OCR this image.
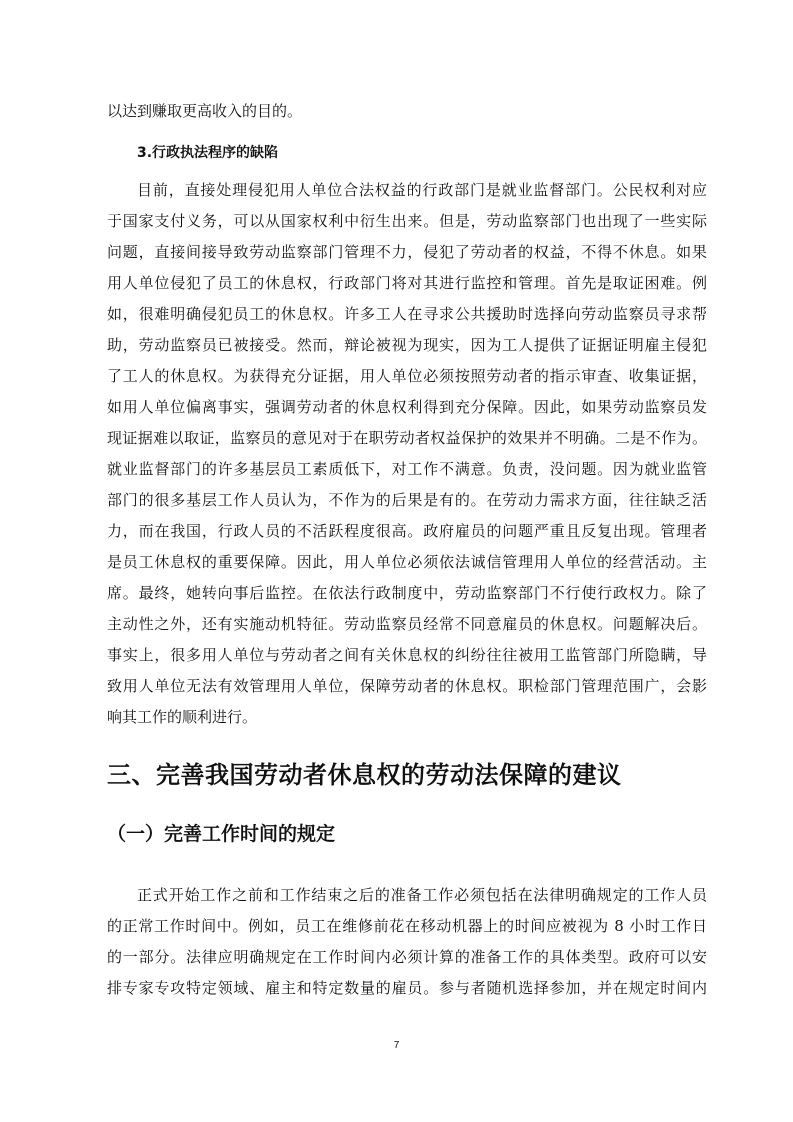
以达到赚取更高收入的目的。
3.行政执法程序的缺陷
目前，直接处理侵犯用人单位合法权益的行政部门是就业监督部门。公民权利对应
于国家支付义务，可以从国家权利中衍生出来。但是，劳动监察部门也出现了一些实际
问题，直接间接导致劳动监察部门管理不力，侵犯了劳动者的权益，不得不休息。如果
用人单位侵犯了员工的休息权，行政部门将对其进行监控和管理。首先是取证困难。例
如，很难明确侵犯员工的休息权。许多工人在寻求公共援助时选择向劳动监察员寻求帮
助，劳动监察员已被接受。然而，辩论被视为现实，因为工人提供了证据证明雇主侵犯
了工人的休息权。为获得充分证据，用人单位必须按照劳动者的指示审查、收集证据，
如用人单位偏离事实，强调劳动者的休息权利得到充分保障。因此，如果劳动监察员发
现证据难以取证，监察员的意见对于在职劳动者权益保护的效果并不明确。二是不作为。
就业监督部门的许多基层员工素质低下，对工作不满意。负责，没问题。因为就业监管
部门的很多基层工作人员认为，不作为的后果是有的。在劳动力需求方面，往往缺乏活
力，而在我国，行政人员的不活跃程度很高。政府雇员的问题严重且反复出现。管理者
是员工休息权的重要保障。因此，用人单位必须依法诚信管理用人单位的经营活动。主
席。最终，她转向事后监控。在依法行政制度中，劳动监察部门不行使行政权力。除了
主动性之外，还有实施动机特征。劳动监察员经常不同意雇员的休息权。问题解决后。
事实上，很多用人单位与劳动者之间有关休息权的纠纷往往被用工监管部门所隐瞒，导
致用人单位无法有效管理用人单位，保障劳动者的休息权。职检部门管理范围广，会影
响其工作的顺利进行。
三、完善我国劳动者休息权的劳动法保障的建议
（一）完善工作时间的规定
正式开始工作之前和工作结束之后的准备工作必须包括在法律明确规定的工作人员
的正常工作时间中。例如，员工在维修前花在移动机器上的时间应被视为 8 小时工作日
的一部分。法律应明确规定在工作时间内必须计算的准备工作的具体类型。政府可以安
排专家专攻特定领域、雇主和特定数量的雇员。参与者随机选择参加，并在规定时间内
7
